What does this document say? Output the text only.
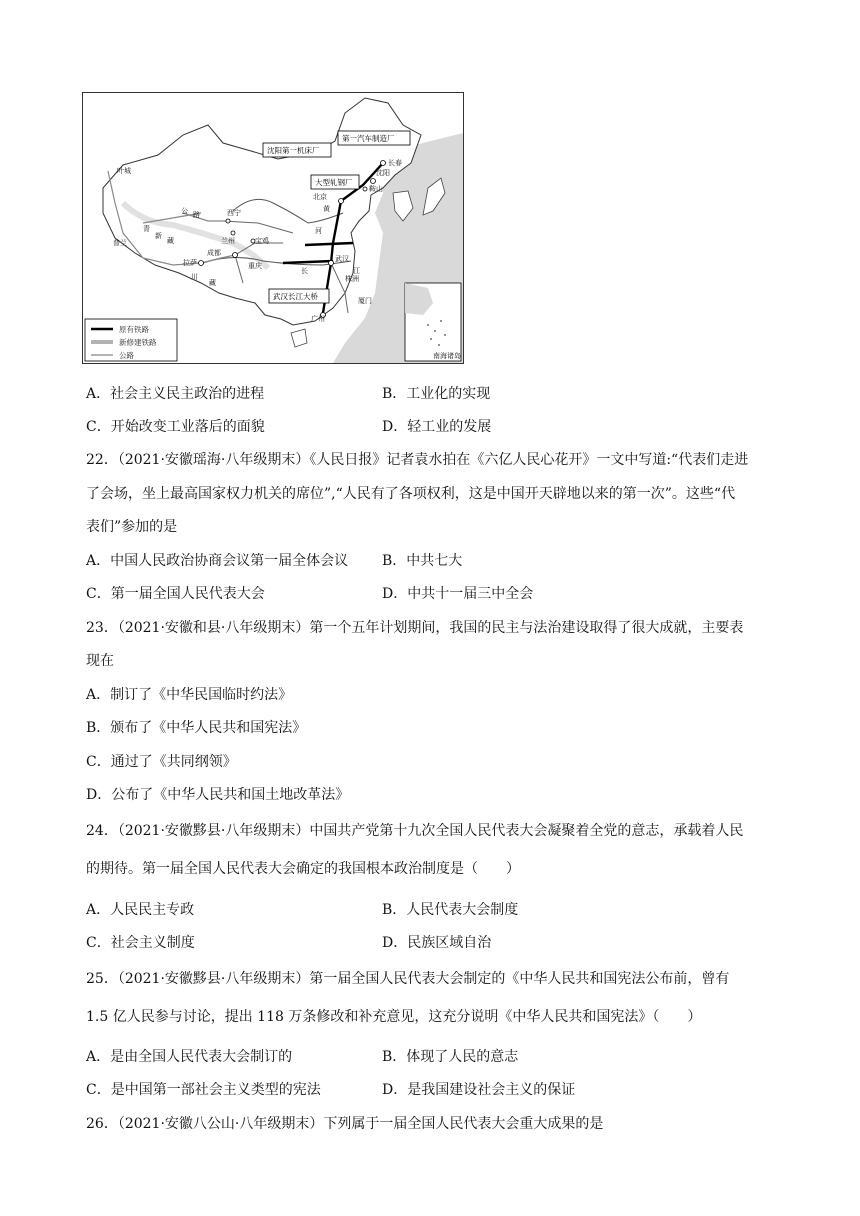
第一汽车制造厂
沈阳第一机床厂
大型轧钢厂
武汉长江大桥
长春
沈阳
鞍山
北京
西宁
兰州	宝鸡
成都
武汉
拉萨
广州
叶城
普兰
厦门
株洲
重庆
黄
河
长	江
川
藏
公 路
青
新
藏
原有铁路
新修建铁路
公路	南海诸岛
A．社会主义民主政治的进程	B．工业化的实现
C．开始改变工业落后的面貌	D．轻工业的发展
22．（2021·安徽瑶海·八年级期末）《人民日报》记者袁水拍在《六亿人民心花开》一文中写道:“代表们走进
了会场，坐上最高国家权力机关的席位”,“人民有了各项权利，这是中国开天辟地以来的第一次”。这些“代
表们”参加的是
A．中国人民政治协商会议第一届全体会议 B．中共七大
C．第一届全国人民代表大会	D．中共十一届三中全会
23．（2021·安徽和县·八年级期末）第一个五年计划期间，我国的民主与法治建设取得了很大成就，主要表
现在
A．制订了《中华民国临时约法》
B．颁布了《中华人民共和国宪法》
C．通过了《共同纲领》
D．公布了《中华人民共和国土地改革法》
24．（2021·安徽黟县·八年级期末）中国共产党第十九次全国人民代表大会凝聚着全党的意志，承载着人民
的期待。第一届全国人民代表大会确定的我国根本政治制度是（　　）
A．人民民主专政	B．人民代表大会制度
C．社会主义制度	D．民族区域自治
25．（2021·安徽黟县·八年级期末）第一届全国人民代表大会制定的《中华人民共和国宪法公布前，曾有
1.5 亿人民参与讨论，提出 118 万条修改和补充意见，这充分说明《中华人民共和国宪法》（　　）
A．是由全国人民代表大会制订的	B．体现了人民的意志
C．是中国第一部社会主义类型的宪法	D．是我国建设社会主义的保证
26．（2021·安徽八公山·八年级期末）下列属于一届全国人民代表大会重大成果的是
